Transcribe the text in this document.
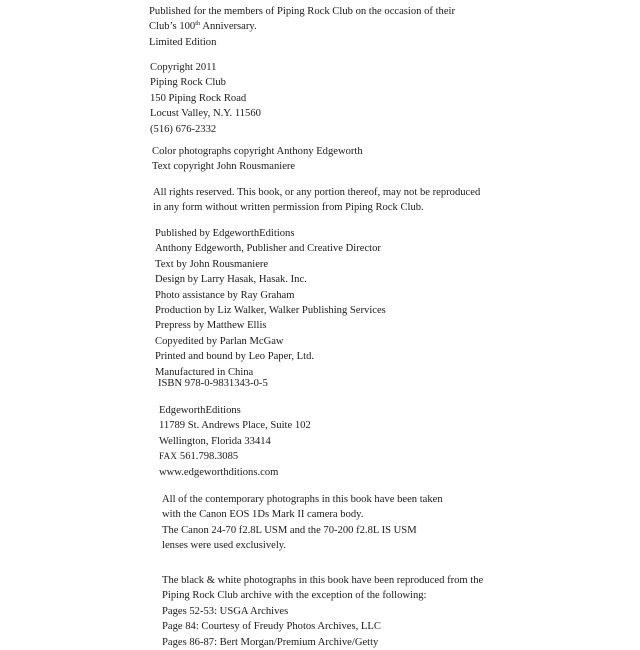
Published for the members of Piping Rock Club on the occasion of their
Club’s 100th Anniversary.
Limited Edition
Copyright 2011
Piping Rock Club
150 Piping Rock Road
Locust Valley, N.Y. 11560
(516) 676-2332
Color photographs copyright Anthony Edgeworth
Text copyright John Rousmaniere
All rights reserved. This book, or any portion thereof, may not be reproduced
in any form without written permission from Piping Rock Club.
Published by EdgeworthEditions
Anthony Edgeworth, Publisher and Creative Director
Text by John Rousmaniere
Design by Larry Hasak, Hasak. Inc.
Photo assistance by Ray Graham
Production by Liz Walker, Walker Publishing Services
Prepress by Matthew Ellis
Copyedited by Parlan McGaw
Printed and bound by Leo Paper, Ltd.
Manufactured in China
ISBN 978-0-9831343-0-5
EdgeworthEditions
11789 St. Andrews Place, Suite 102
Wellington, Florida 33414
FAX 561.798.3085
www.edgeworthditions.com
All of the contemporary photographs in this book have been taken
with the Canon EOS 1Ds Mark II camera body.
The Canon 24-70 f2.8L USM and the 70-200 f2.8L IS USM
lenses were used exclusively.
The black & white photographs in this book have been reproduced from the
Piping Rock Club archive with the exception of the following:
Pages 52-53: USGA Archives
Page 84: Courtesy of Freudy Photos Archives, LLC
Pages 86-87: Bert Morgan/Premium Archive/Getty
